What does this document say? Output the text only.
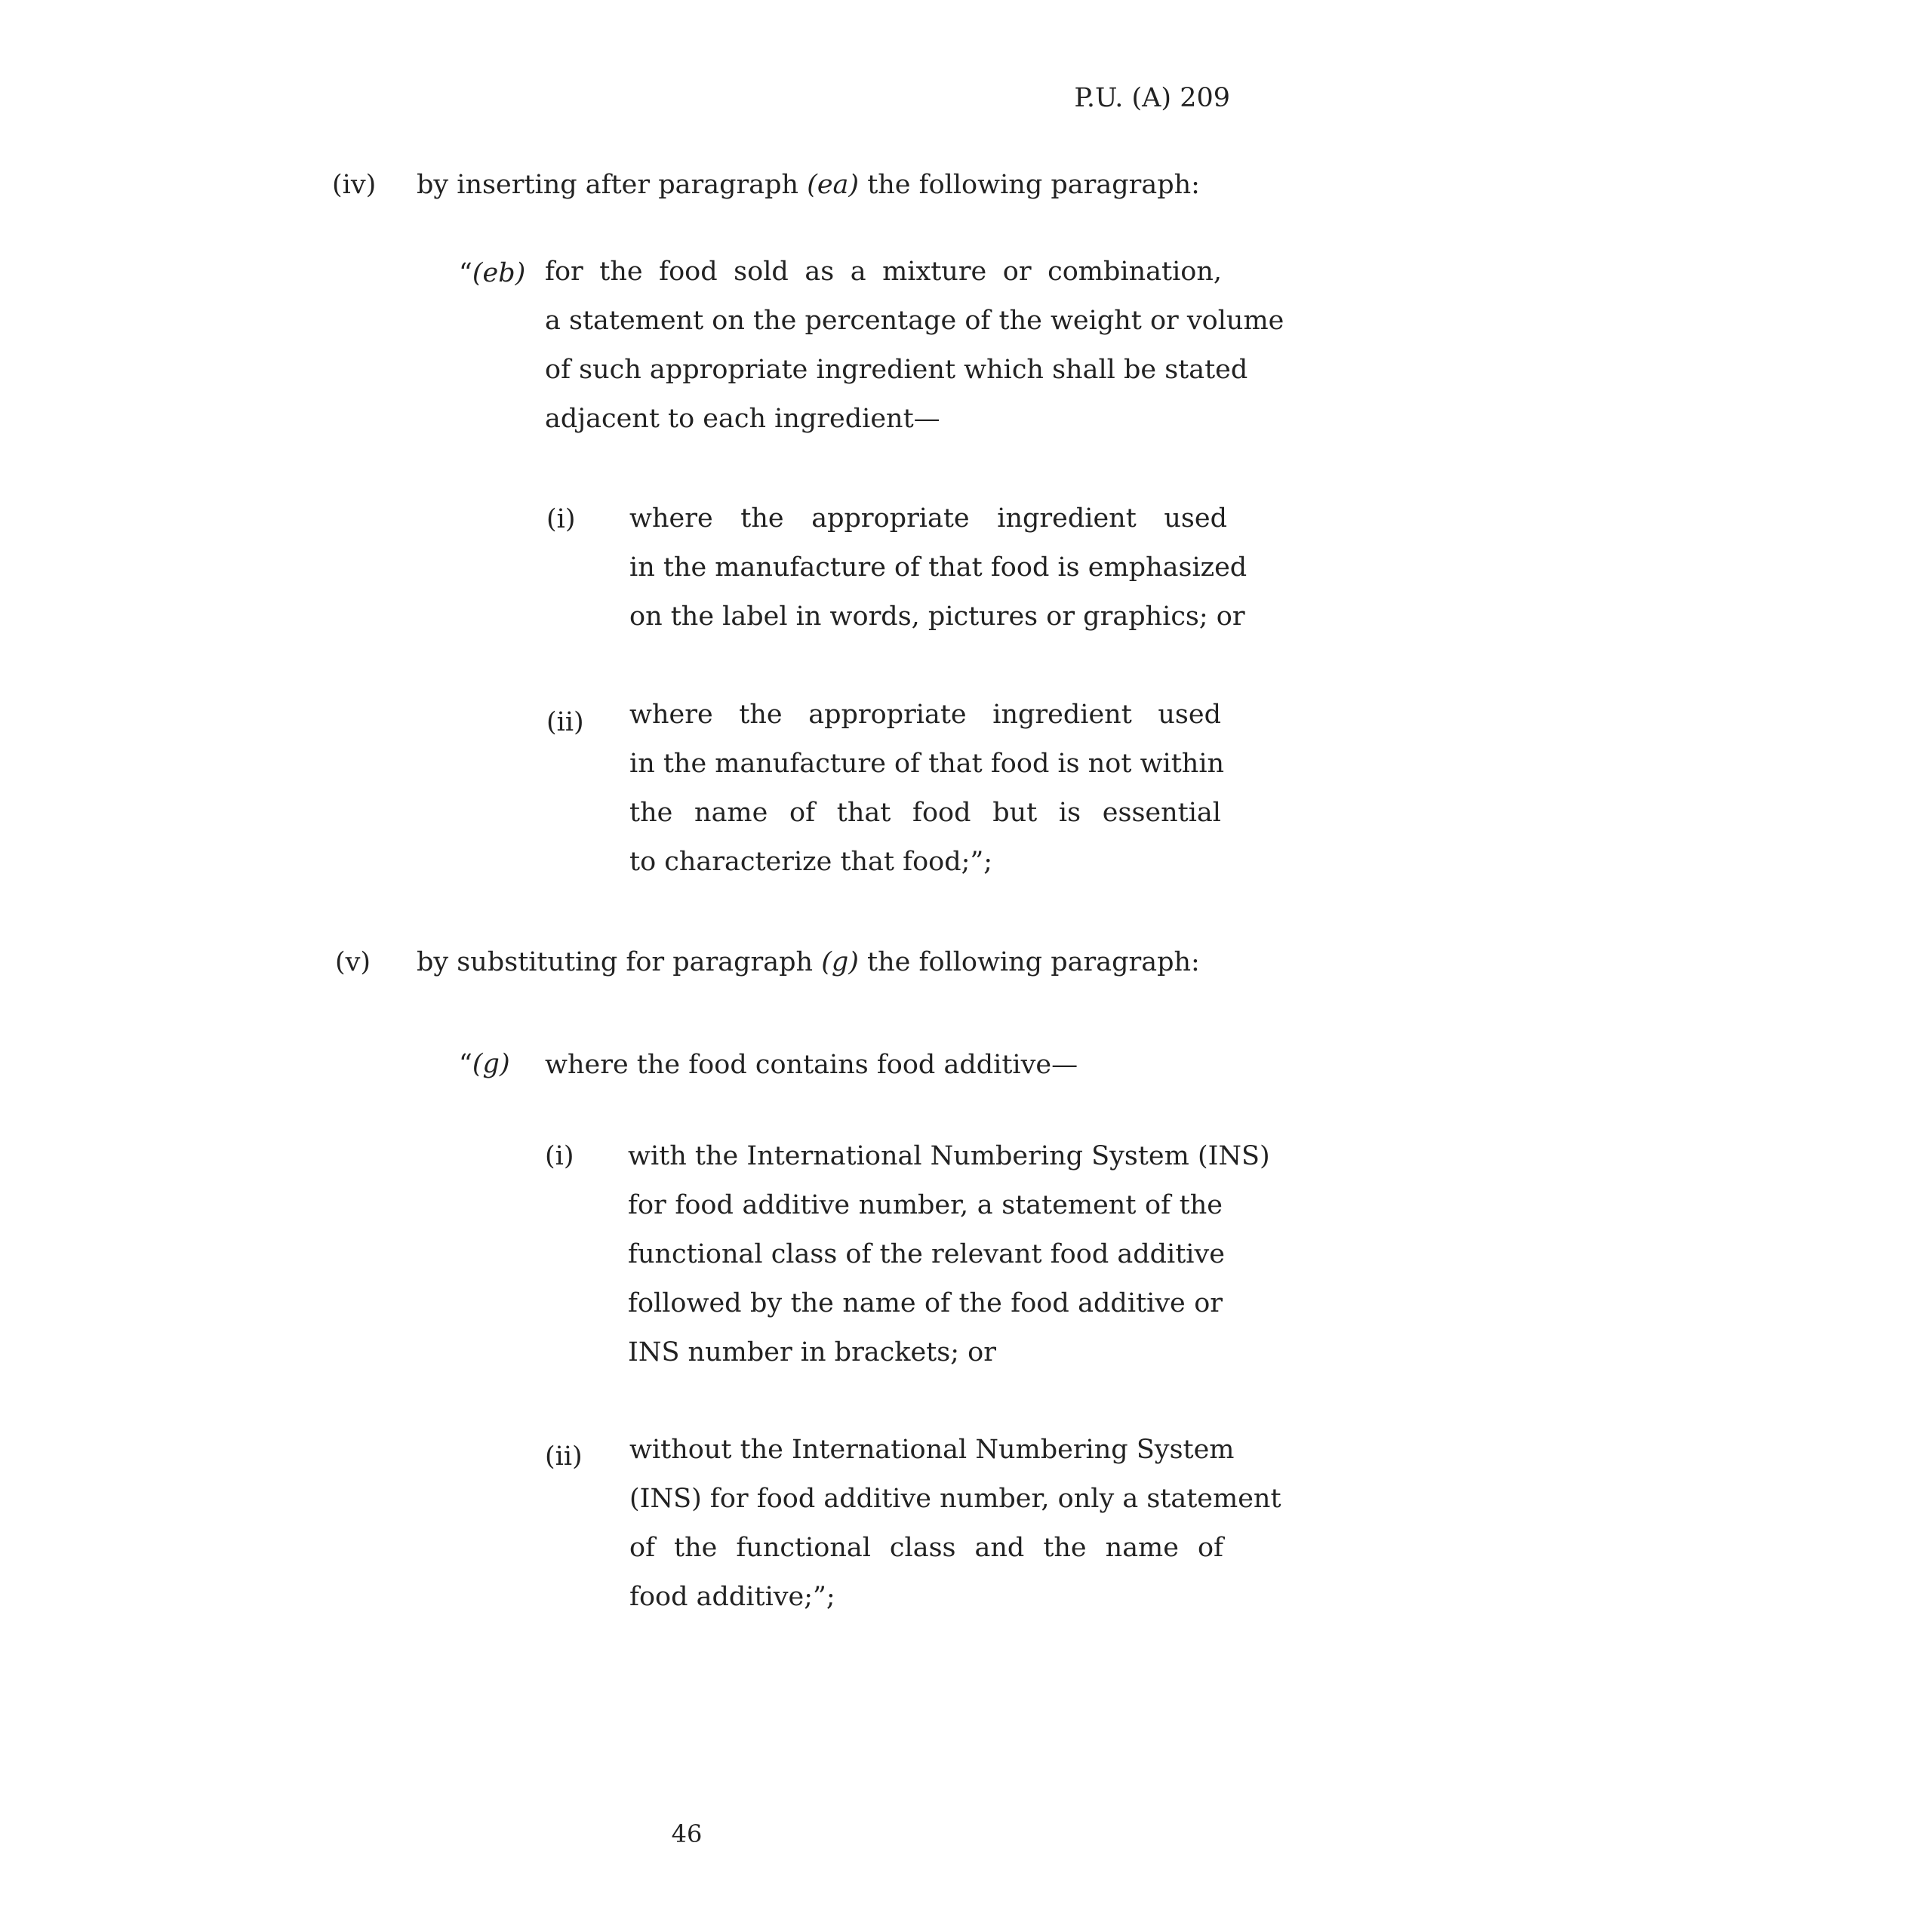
P.U. (A) 209
(iv) by inserting after paragraph (ea) the following paragraph:
“(eb) for the food sold as a mixture or combination,
a statement on the percentage of the weight or volume
of such appropriate ingredient which shall be stated
adjacent to each ingredient—
(i) where the appropriate ingredient used
in the manufacture of that food is emphasized
on the label in words, pictures or graphics; or
(ii) where the appropriate ingredient used
in the manufacture of that food is not within
the name of that food but is essential
to characterize that food;”;
(v) by substituting for paragraph (g) the following paragraph:
“(g) where the food contains food additive—
(i) with the International Numbering System (INS)
for food additive number, a statement of the
functional class of the relevant food additive
followed by the name of the food additive or
INS number in brackets; or
(ii) without the International Numbering System
(INS) for food additive number, only a statement
of the functional class and the name of
food additive;”;
46
